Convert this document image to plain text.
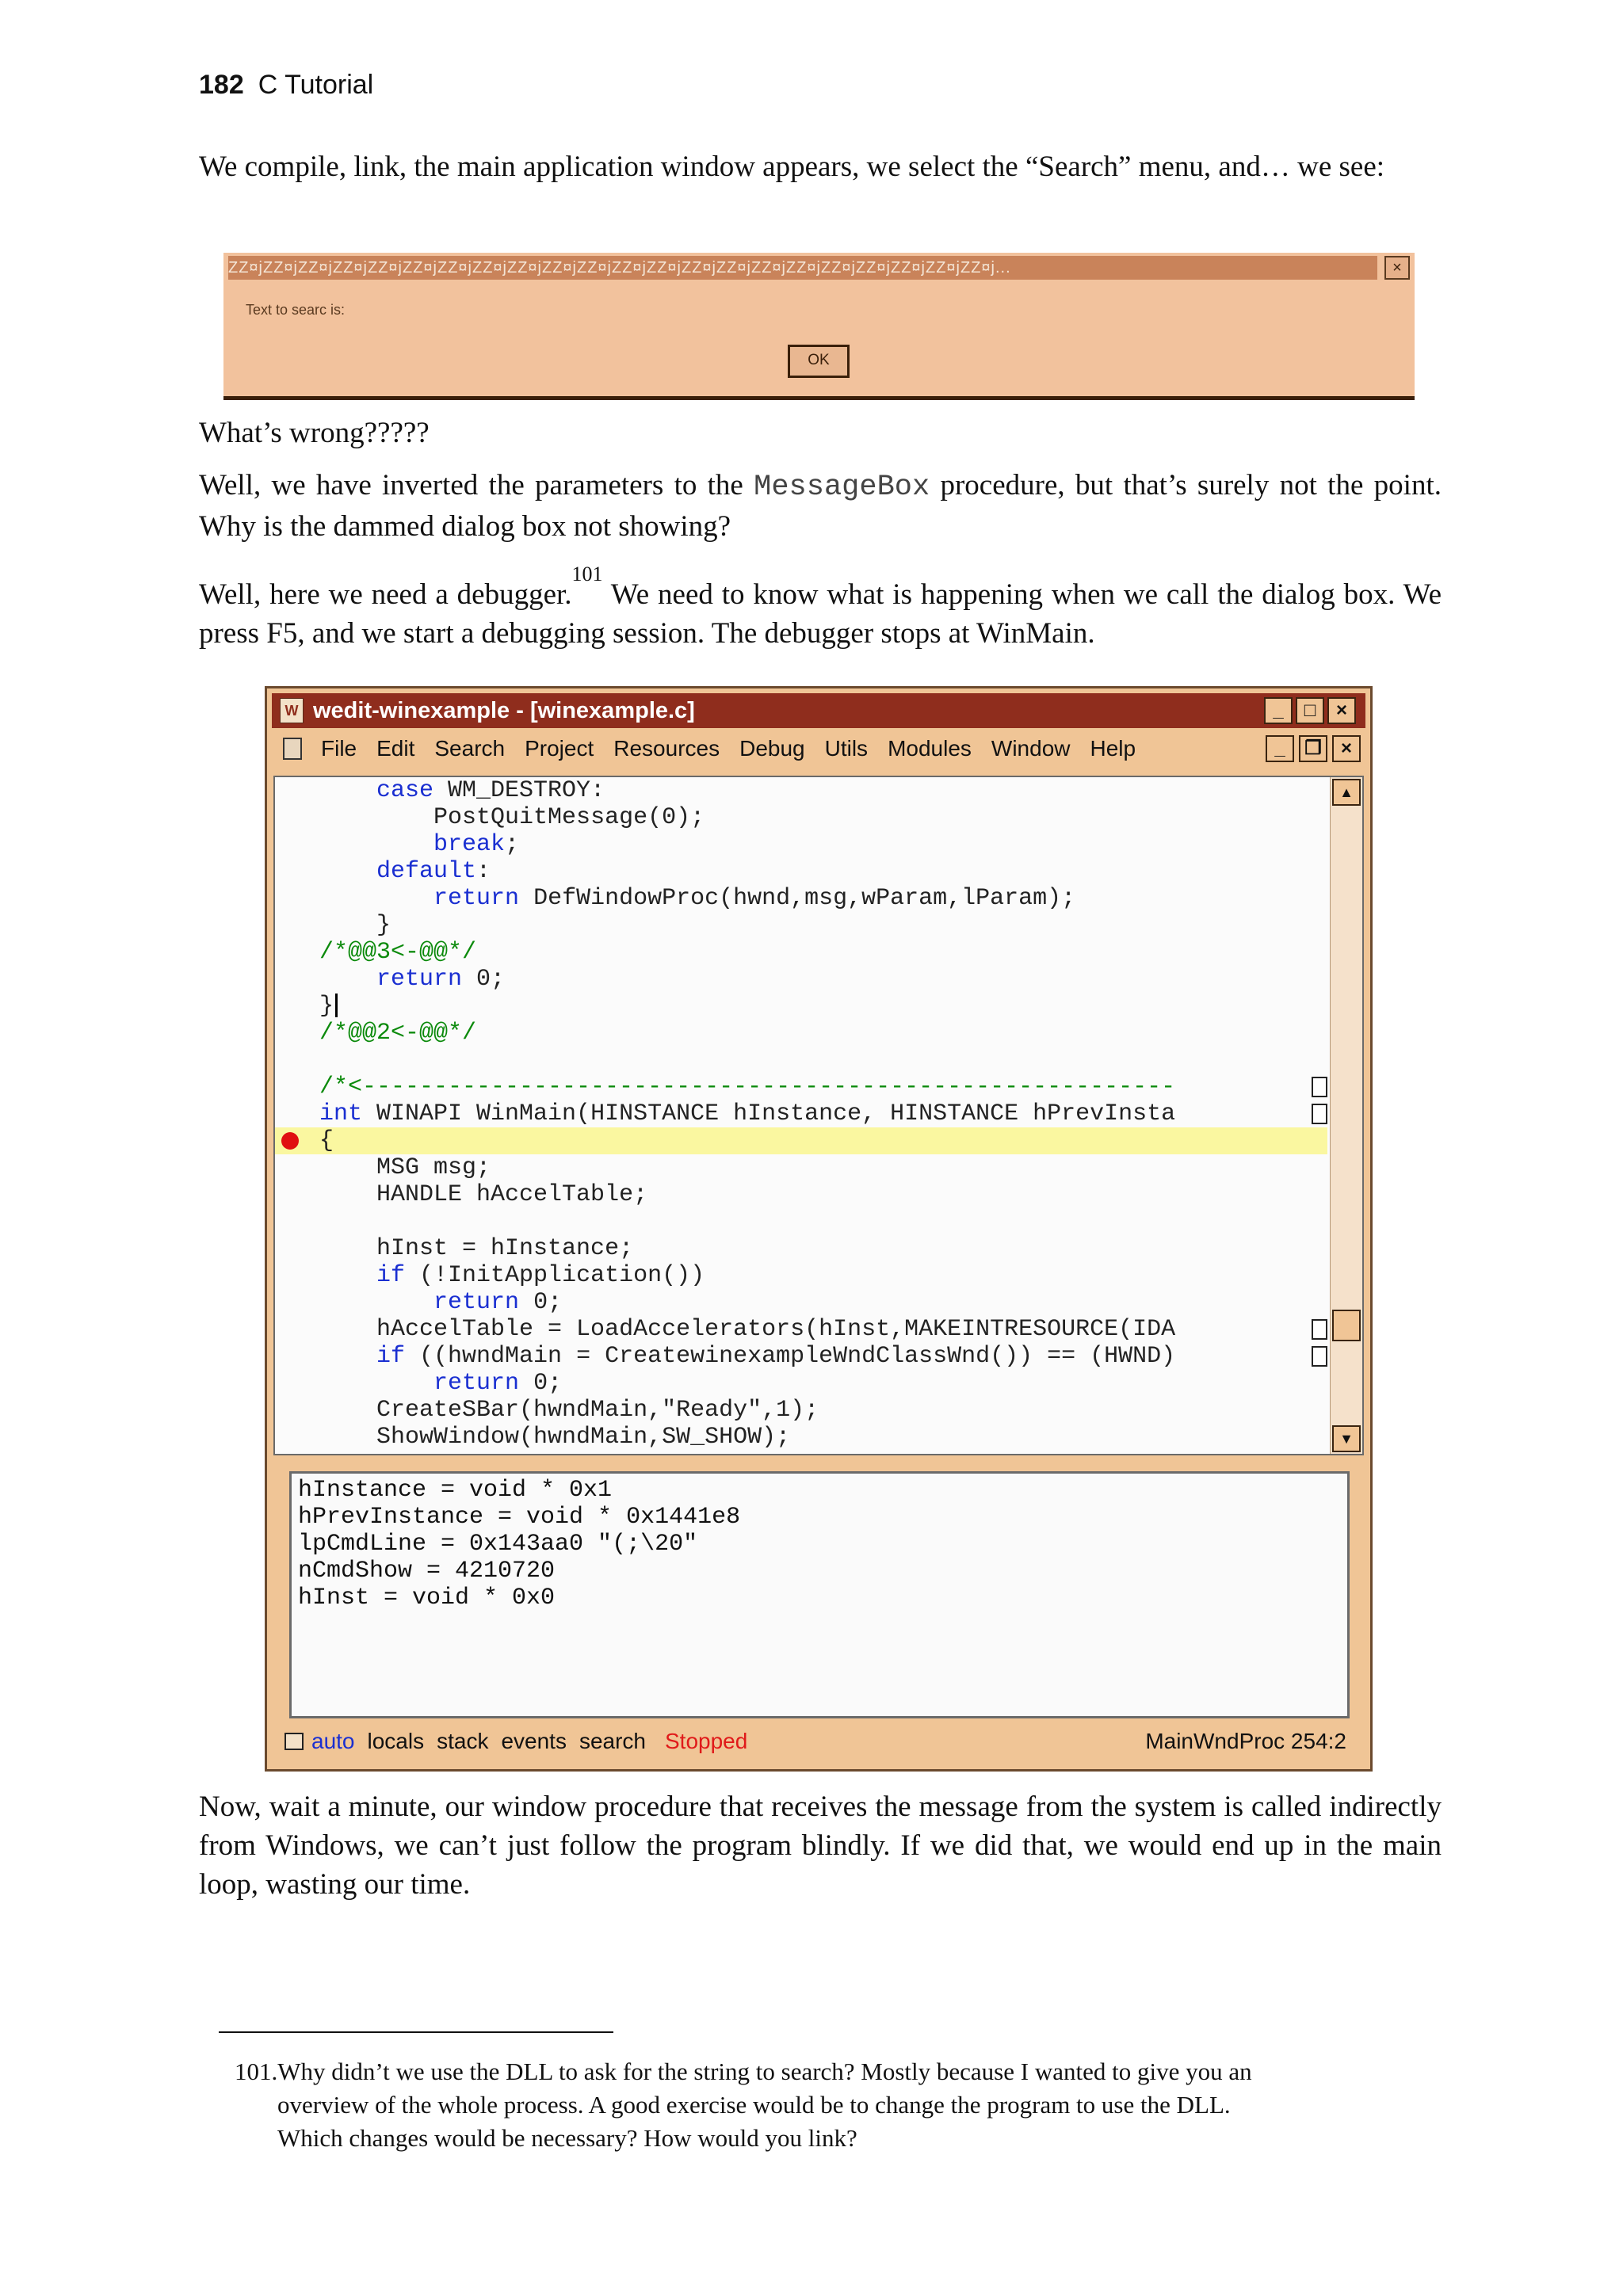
182 C Tutorial
We compile, link, the main application window appears, we select the “Search” menu, and… we see:
ZZ¤jZZ¤jZZ¤jZZ¤jZZ¤jZZ¤jZZ¤jZZ¤jZZ¤jZZ¤jZZ¤jZZ¤jZZ¤jZZ¤jZZ¤jZZ¤jZZ¤jZZ¤jZZ¤jZZ¤jZZ¤jZZ¤j...	×
Text to searc is:
OK
What’s wrong?????
Well, we have inverted the parameters to the MessageBox procedure, but that’s surely not the point. Why is the dammed dialog box not showing?
Well, here we need a debugger.$^{101}$ We need to know what is happening when we call the dialog box. We press F5, and we start a debugging session. The debugger stops at WinMain.
W wedit-winexample - [winexample.c]	_	□	×
File Edit Search Project Resources Debug Utils Modules Window Help	_ ❐ ×
case WM_DESTROY:
PostQuitMessage(0);
break;
default:
return DefWindowProc(hwnd,msg,wParam,lParam);
}
/*@@3<-@@*/
return 0;
}
/*@@2<-@@*/
/*<---------------------------------------------------------
int WINAPI WinMain(HINSTANCE hInstance, HINSTANCE hPrevInsta
{
MSG msg;
HANDLE hAccelTable;
hInst = hInstance;
if (!InitApplication())
return 0;
hAccelTable = LoadAccelerators(hInst,MAKEINTRESOURCE(IDA
if ((hwndMain = CreatewinexampleWndClassWnd()) == (HWND)
return 0;
CreateSBar(hwndMain,"Ready",1);
ShowWindow(hwndMain,SW_SHOW);
▲
▼
hInstance = void * 0x1
hPrevInstance = void * 0x1441e8
lpCmdLine = 0x143aa0 "(;\20"
nCmdShow = 4210720
hInst = void * 0x0
auto locals stack events search Stopped	MainWndProc 254:2
Now, wait a minute, our window procedure that receives the message from the system is called indirectly from Windows, we can’t just follow the program blindly. If we did that, we would end up in the main loop, wasting our time.
101.Why didn’t we use the DLL to ask for the string to search? Mostly because I wanted to give you an
overview of the whole process. A good exercise would be to change the program to use the DLL.
Which changes would be necessary? How would you link?
